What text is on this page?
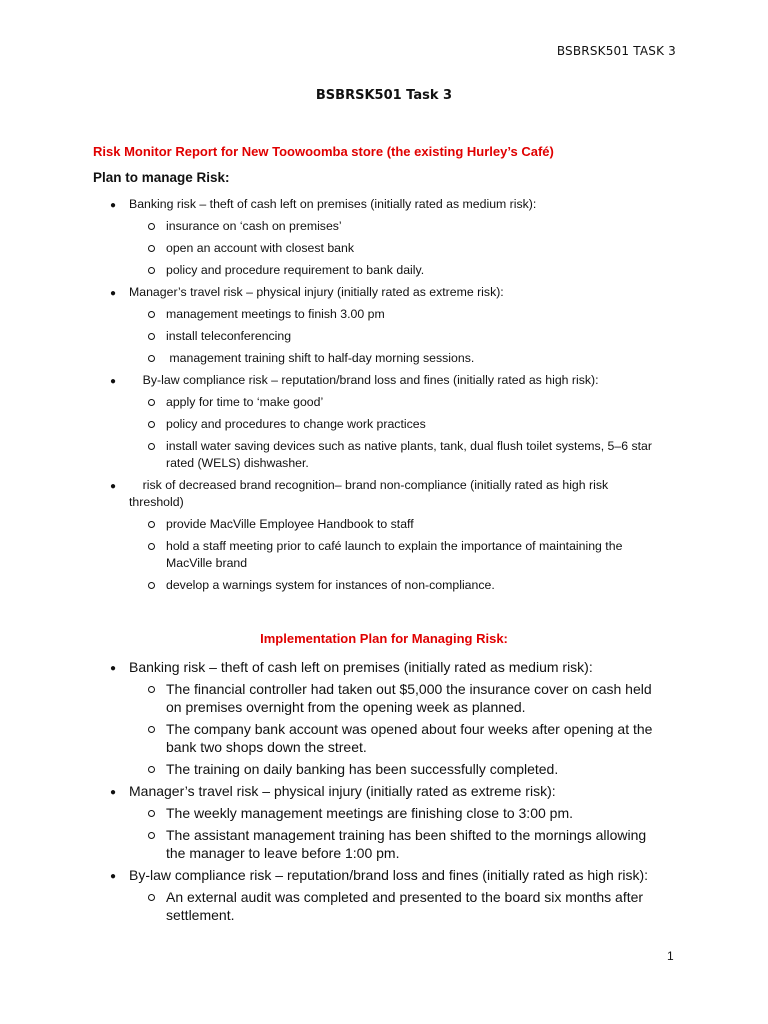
BSBRSK501 TASK 3
BSBRSK501 Task 3
Risk Monitor Report for New Toowoomba store (the existing Hurley’s Café)
Plan to manage Risk:
● Banking risk – theft of cash left on premises (initially rated as medium risk):
insurance on ‘cash on premises’
open an account with closest bank
policy and procedure requirement to bank daily.
● Manager’s travel risk – physical injury (initially rated as extreme risk):
management meetings to finish 3.00 pm
install teleconferencing
management training shift to half-day morning sessions.
● By-law compliance risk – reputation/brand loss and fines (initially rated as high risk):
apply for time to ‘make good’
policy and procedures to change work practices
install water saving devices such as native plants, tank, dual flush toilet systems, 5–6 star rated (WELS) dishwasher.
● risk of decreased brand recognition– brand non-compliance (initially rated as high risk threshold)
provide MacVille Employee Handbook to staff
hold a staff meeting prior to café launch to explain the importance of maintaining the MacVille brand
develop a warnings system for instances of non-compliance.
Implementation Plan for Managing Risk:
● Banking risk – theft of cash left on premises (initially rated as medium risk):
The financial controller had taken out $5,000 the insurance cover on cash held on premises overnight from the opening week as planned.
The company bank account was opened about four weeks after opening at the bank two shops down the street.
The training on daily banking has been successfully completed.
● Manager’s travel risk – physical injury (initially rated as extreme risk):
The weekly management meetings are finishing close to 3:00 pm.
The assistant management training has been shifted to the mornings allowing the manager to leave before 1:00 pm.
● By-law compliance risk – reputation/brand loss and fines (initially rated as high risk):
An external audit was completed and presented to the board six months after settlement.
1
